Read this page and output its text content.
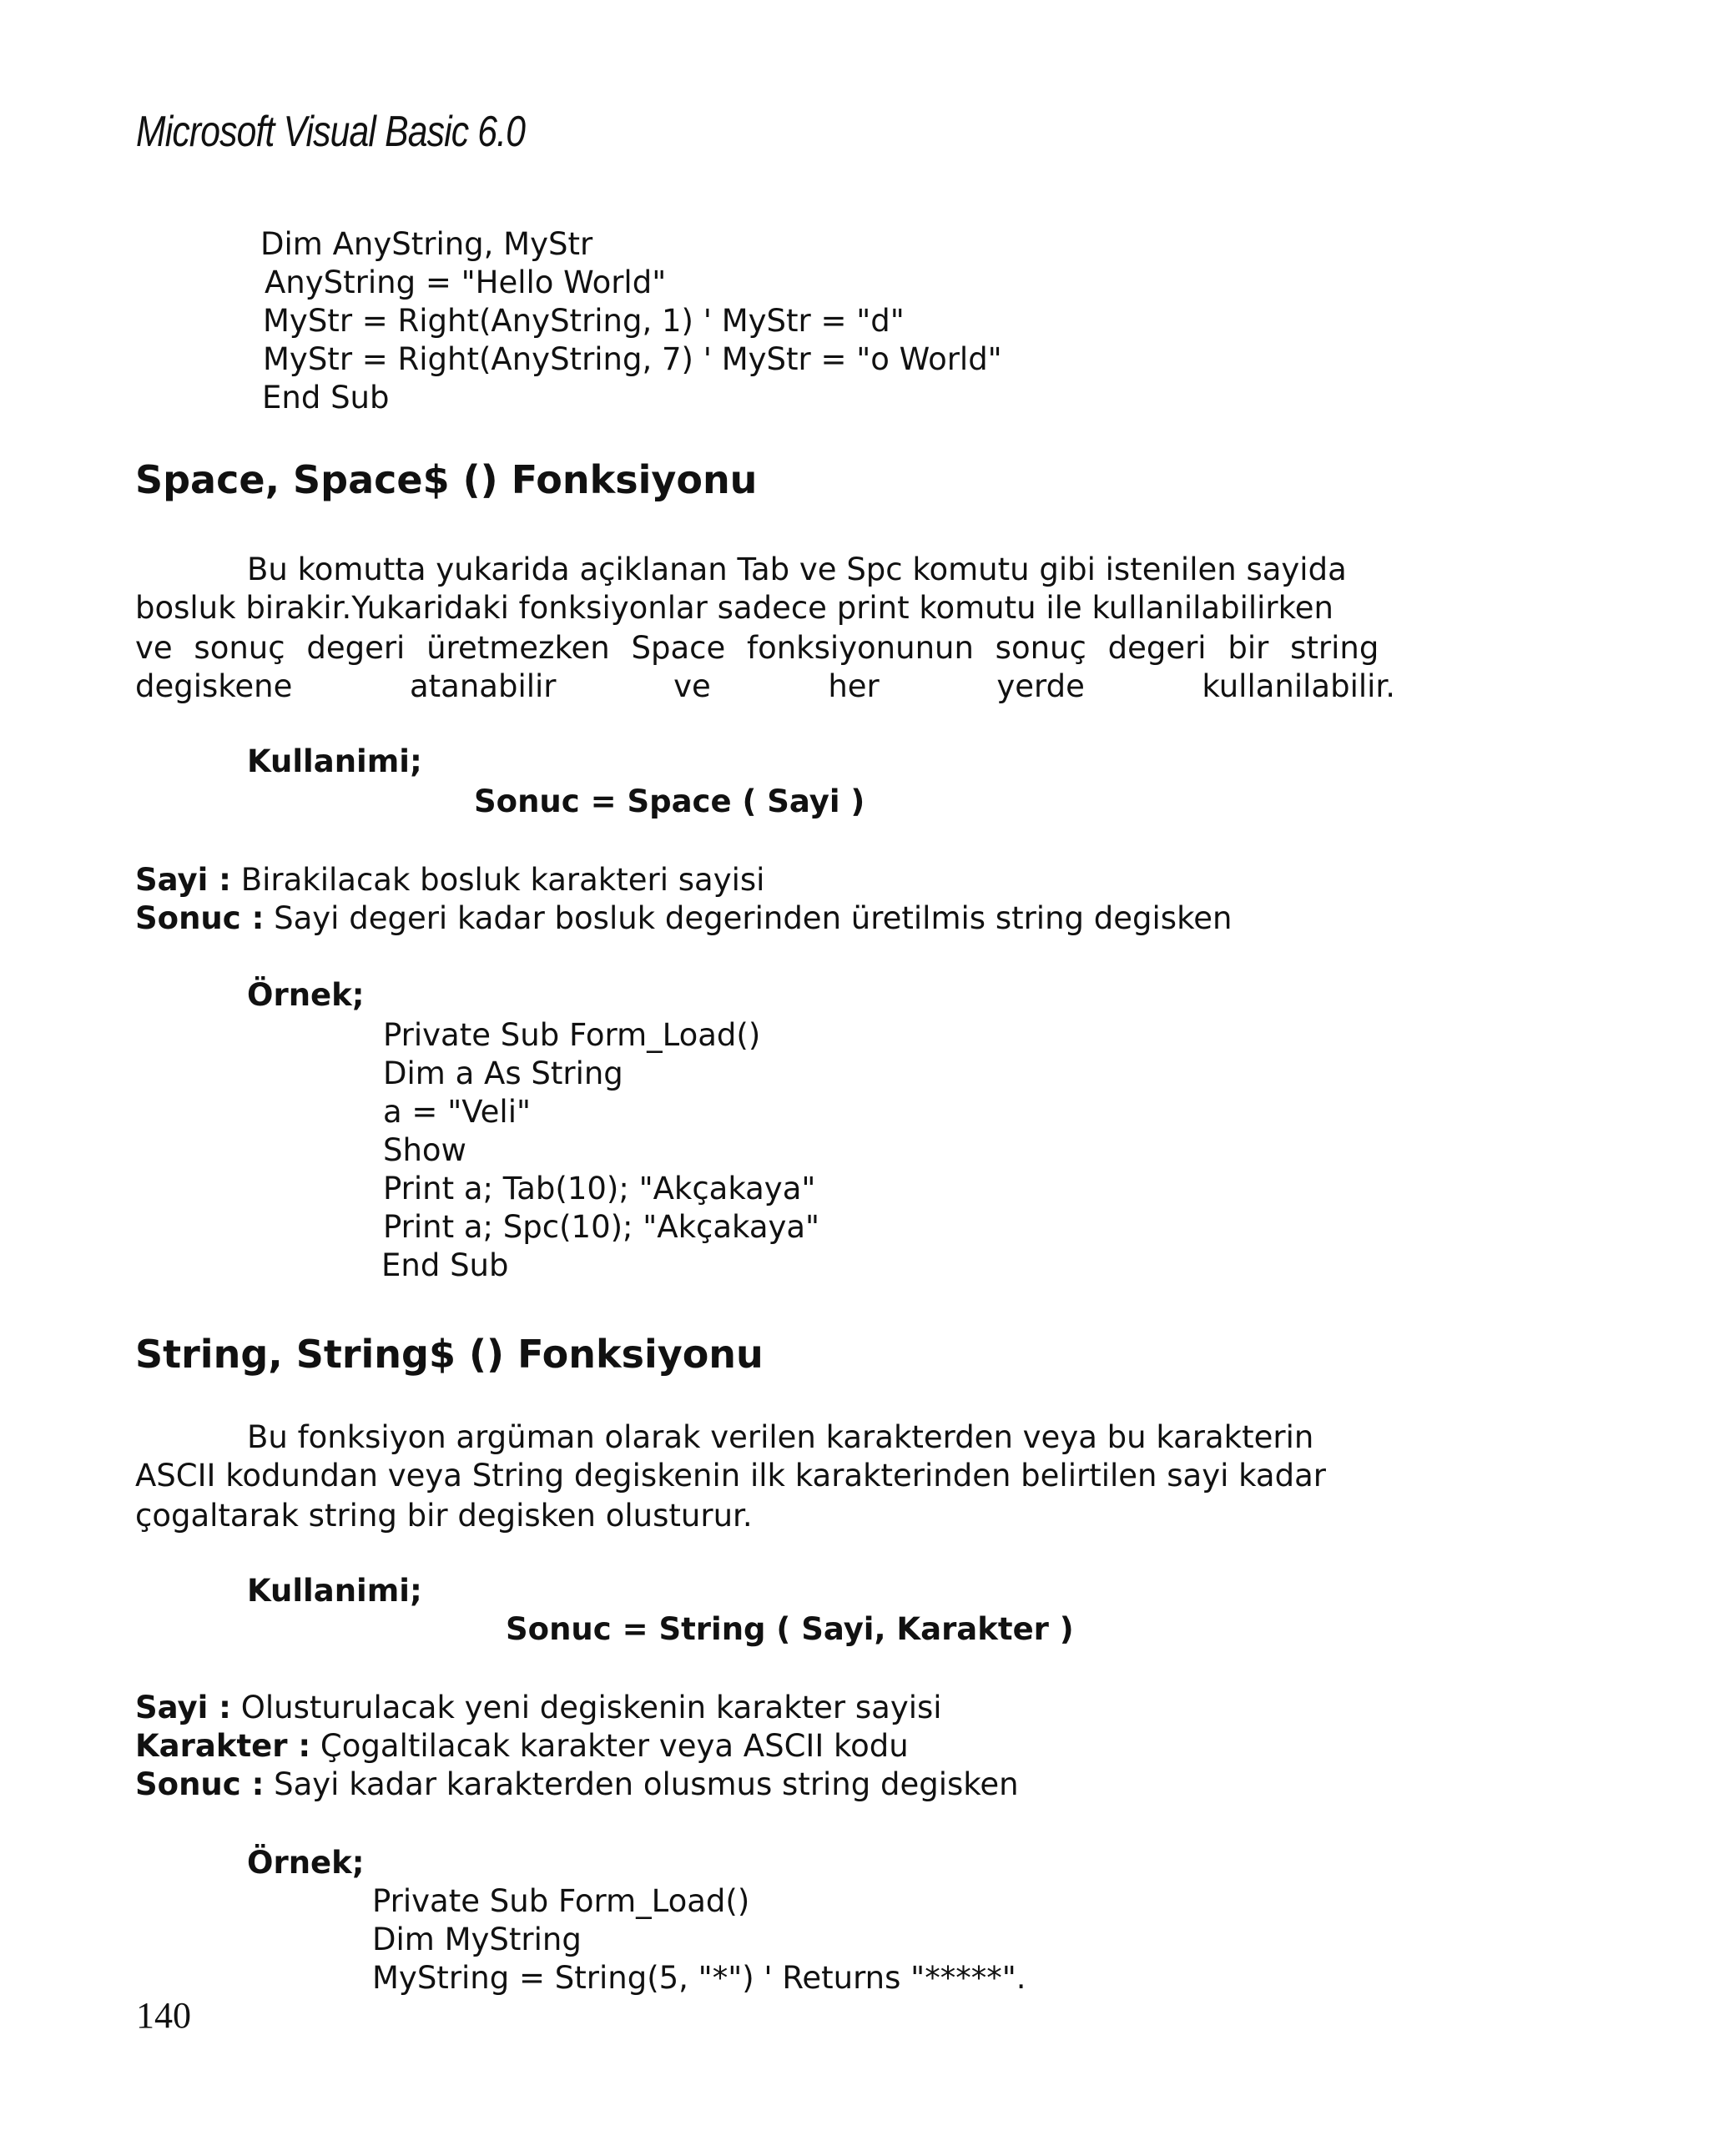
Microsoft Visual Basic 6.0
Dim AnyString, MyStr
AnyString = "Hello World"
MyStr = Right(AnyString, 1) ' MyStr = "d"
MyStr = Right(AnyString, 7) ' MyStr = "o World"
End Sub
Space, Space$ () Fonksiyonu
Bu komutta yukarida açiklanan Tab ve Spc komutu gibi istenilen sayida
bosluk birakir.Yukaridaki fonksiyonlar sadece print komutu ile kullanilabilirken
ve sonuç degeri üretmezken Space fonksiyonunun sonuç degeri bir string
degiskene atanabilir ve her yerde kullanilabilir.
Kullanimi;
Sonuc = Space ( Sayi )
Sayi : Birakilacak bosluk karakteri sayisi
Sonuc : Sayi degeri kadar bosluk degerinden üretilmis string degisken
Örnek;
Private Sub Form_Load()
Dim a As String
a = "Veli"
Show
Print a; Tab(10); "Akçakaya"
Print a; Spc(10); "Akçakaya"
End Sub
String, String$ () Fonksiyonu
Bu fonksiyon argüman olarak verilen karakterden veya bu karakterin
ASCII kodundan veya String degiskenin ilk karakterinden belirtilen sayi kadar
çogaltarak string bir degisken olusturur.
Kullanimi;
Sonuc = String ( Sayi, Karakter )
Sayi : Olusturulacak yeni degiskenin karakter sayisi
Karakter : Çogaltilacak karakter veya ASCII kodu
Sonuc : Sayi kadar karakterden olusmus string degisken
Örnek;
Private Sub Form_Load()
Dim MyString
MyString = String(5, "*") ' Returns "*****".
140
